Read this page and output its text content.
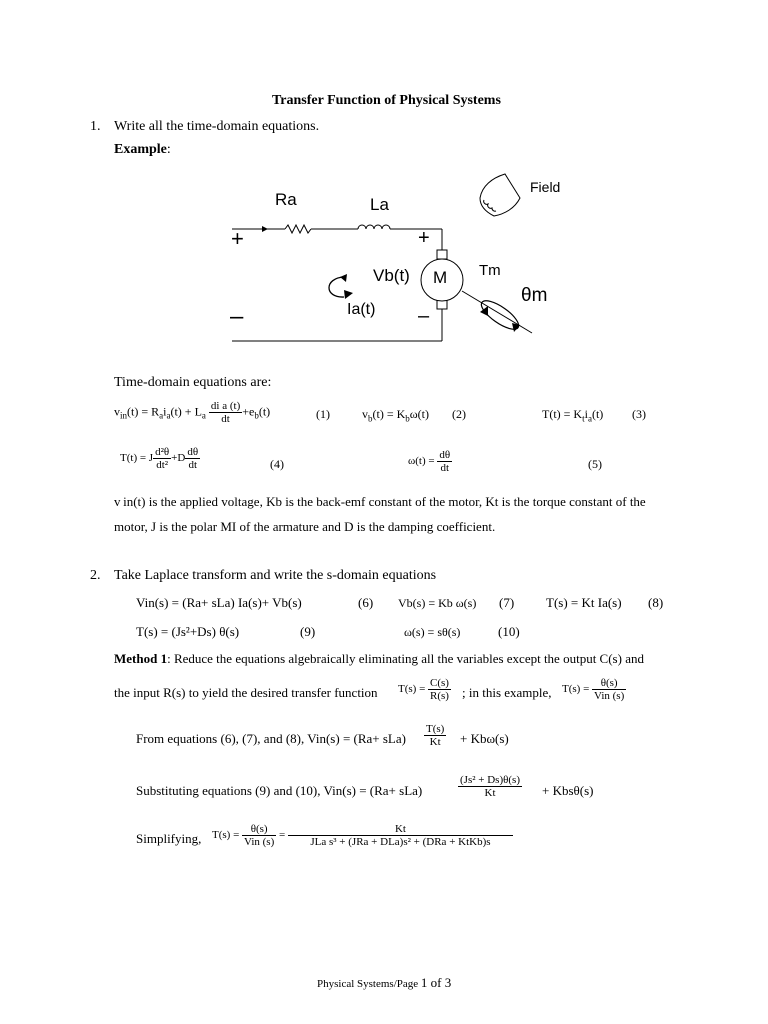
Transfer Function of Physical Systems
1. Write all the time-domain equations.
Example:
Ra	La
Field
+	+
–	–
M
Vb(t)	Tm
θm
Ia(t)
Time-domain equations are:
$v_{in}(t) = R_ai_a(t) + L_a \frac{\text{di a (t)}}{dt} +e_b(t)$	(1)	$v_b(t) = K_b\omega(t)$ (2)	$T(t) = K_ti_a(t)$ (3)
T(t) = J $\frac{\text{d²θ}}{\text{dt²}} +D \frac{d\theta}{dt}$	(4)	$\omega(t) = \frac{d\theta}{dt}$	(5)
v in(t) is the applied voltage, Kb is the back-emf constant of the motor, Kt is the torque constant of the
motor, J is the polar MI of the armature and D is the damping coefficient.
2. Take Laplace transform and write the s-domain equations
Vin(s) = (Ra+ sLa) Ia(s)+ Vb(s)	(6) Vb(s) = Kb ω(s) (7) T(s) = Kt Ia(s) (8)
T(s) = (Js²+Ds) θ(s)	(9)	ω(s) = sθ(s)	(10)
Method 1: Reduce the equations algebraically eliminating all the variables except the output C(s) and
the input R(s) to yield the desired transfer function $T(s) = \frac{C(s)}{R(s)}$ ; in this example, $T(s) = \frac{\theta(s)}{\text{Vin (s)}}$
From equations (6), (7), and (8), $Vin(s) = (Ra+ sLa) \frac{T(s)}{Kt} + Kb\omega(s)$
Substituting equations (9) and (10), Vin(s) = (Ra+ sLa)	$\frac{\text{(Js² + Ds)θ(s)}}{Kt} + Kbs\theta(s)$
Simplifying, $T(s) = \frac{\theta(s)}{\text{Vin (s)}} = \frac{Kt}{\text{JLa s³ + (JRa + DLa)s² + (DRa + KtKb)s}}$
Physical Systems/Page 1 of 3
